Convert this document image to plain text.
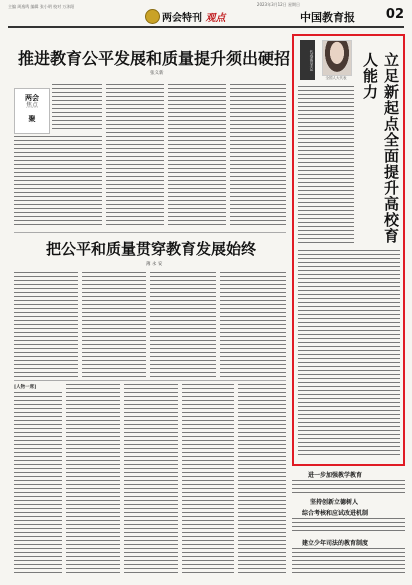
主编 周逸鸣 编辑 张小明 校对 万沐阳	2023年3月12日 星期日
两会特刊 观点	中国教育报 02
推进教育公平发展和质量提升须出硬招
张义新
两会
焦点
聚
把公平和质量贯穿教育发展始终
薄 永 安
[人物一席]
代表委员手记
全国人大代表	立足新起点全面提升高校育人能力
进一步加强教学教育
坚持创新立德树人
综合考核和应试改进机制
建立少年司法的教育制度
